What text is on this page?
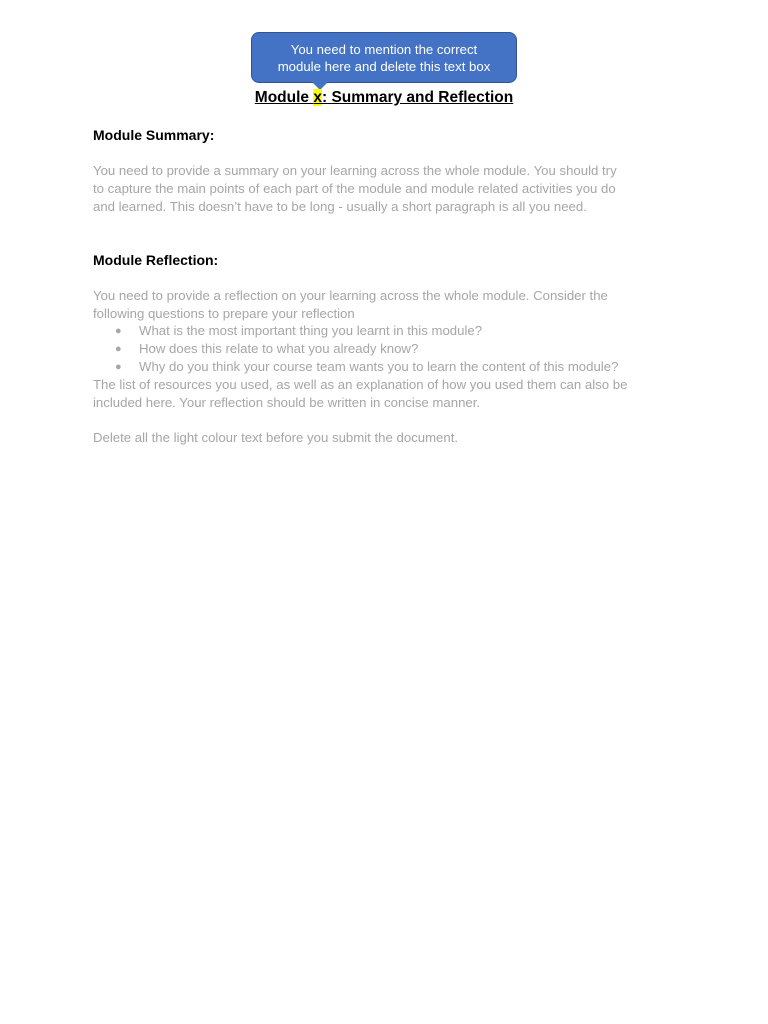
You need to mention the correct
module here and delete this text box
Module x: Summary and Reflection
Module Summary:
You need to provide a summary on your learning across the whole module. You should try
to capture the main points of each part of the module and module related activities you do
and learned. This doesn’t have to be long - usually a short paragraph is all you need.
Module Reflection:
You need to provide a reflection on your learning across the whole module. Consider the
following questions to prepare your reflection
● What is the most important thing you learnt in this module?
● How does this relate to what you already know?
● Why do you think your course team wants you to learn the content of this module?
The list of resources you used, as well as an explanation of how you used them can also be
included here. Your reflection should be written in concise manner.
Delete all the light colour text before you submit the document.
